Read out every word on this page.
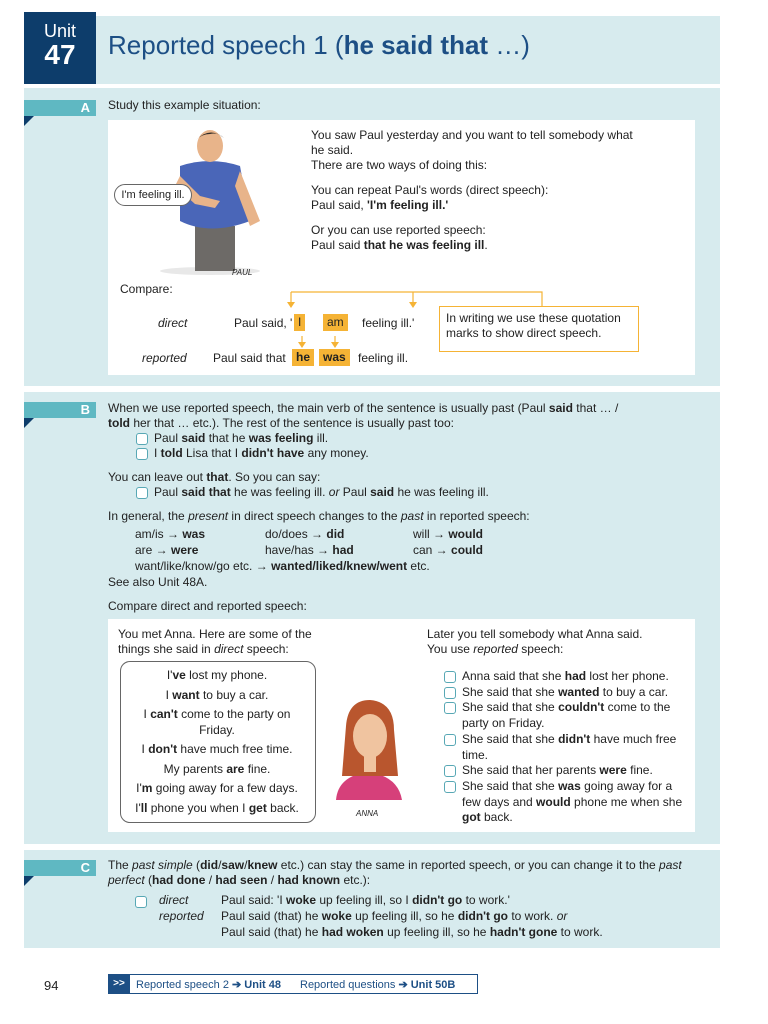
Unit
47	Reported speech 1 (he said that …)
A	Study this example situation:
I'm feeling ill.
PAUL

You saw Paul yesterday and you want to tell somebody what he said.

There are two ways of doing this:

You can repeat Paul's words (direct speech):

Paul said, 'I'm feeling ill.'

Or you can use reported speech:

Paul said that he was feeling ill.

Compare:
direct	Paul said, ' I	am	feeling ill.'
reported Paul said that he	was	feeling ill.
In writing we use these quotation marks to show direct speech.
B	When we use reported speech, the main verb of the sentence is usually past (Paul said that … /
told her that … etc.). The rest of the sentence is usually past too:

Paul said that he was feeling ill.

I told Lisa that I didn't have any money.

You can leave out that. So you can say:

Paul said that he was feeling ill. or Paul said he was feeling ill.

In general, the present in direct speech changes to the past in reported speech:

am/is → was	do/does → did	will → would
are → were	have/has → had	can → could
want/like/know/go etc. → wanted/liked/knew/went etc.
See also Unit 48A.
Compare direct and reported speech:
You met Anna. Here are some of the things she said in direct speech:

I've lost my phone.

I want to buy a car.

I can't come to the party on Friday.

I don't have much free time.

My parents are fine.

I'm going away for a few days.

I'll phone you when I get back.	ANNA

Later you tell somebody what Anna said.

You use reported speech:

Anna said that she had lost her phone.
She said that she wanted to buy a car.
She said that she couldn't come to the party on Friday.
She said that she didn't have much free time.
She said that her parents were fine.
She said that she was going away for a few days and would phone me when she got back.
C	The past simple (did/saw/knew etc.) can stay the same in reported speech, or you can change it to the past perfect (had done / had seen / had known etc.):
direct	Paul said: 'I woke up feeling ill, so I didn't go to work.'
reported Paul said (that) he woke up feeling ill, so he didn't go to work. or
Paul said (that) he had woken up feeling ill, so he hadn't gone to work.
94	>>	Reported speech 2 ➔ Unit 48 Reported questions ➔ Unit 50B
